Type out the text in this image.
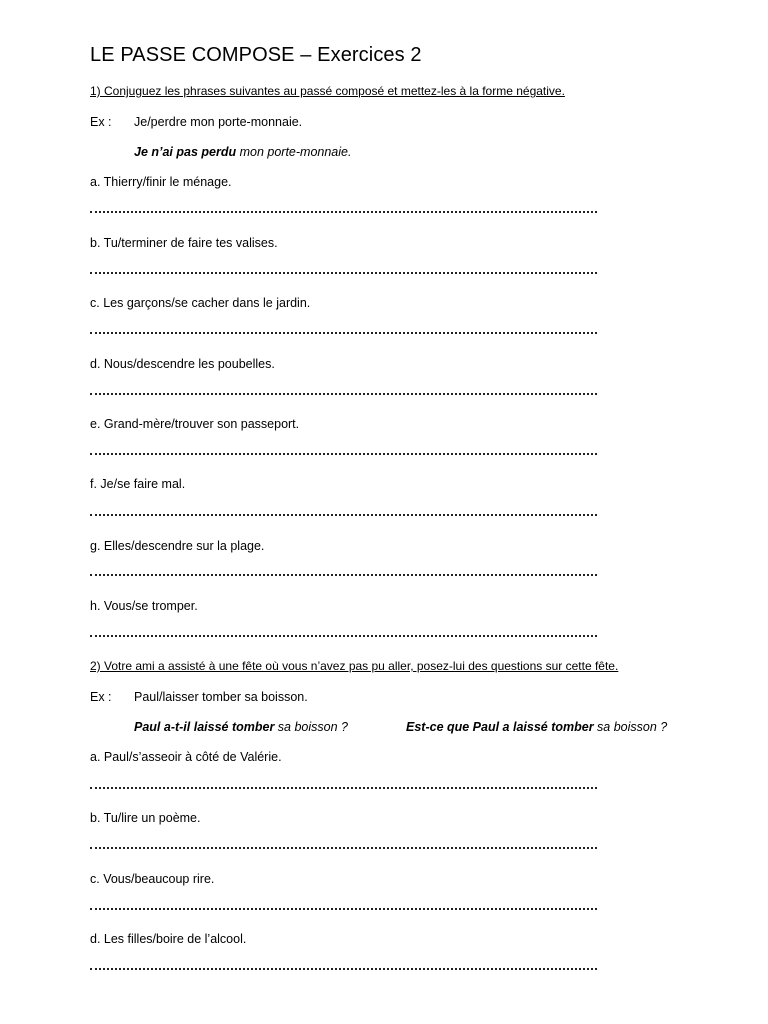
LE PASSE COMPOSE – Exercices 2
1) Conjuguez les phrases suivantes au passé composé et mettez-les à la forme négative.
Ex : Je/perdre mon porte-monnaie.
Je n’ai pas perdu mon porte-monnaie.
a. Thierry/finir le ménage.
b. Tu/terminer de faire tes valises.
c. Les garçons/se cacher dans le jardin.
d. Nous/descendre les poubelles.
e. Grand-mère/trouver son passeport.
f. Je/se faire mal.
g. Elles/descendre sur la plage.
h. Vous/se tromper.
2) Votre ami a assisté à une fête où vous n’avez pas pu aller, posez-lui des questions sur cette fête.
Ex : Paul/laisser tomber sa boisson.
Paul a-t-il laissé tomber sa boisson ?	Est-ce que Paul a laissé tomber sa boisson ?
a. Paul/s’asseoir à côté de Valérie.
b. Tu/lire un poème.
c. Vous/beaucoup rire.
d. Les filles/boire de l’alcool.
